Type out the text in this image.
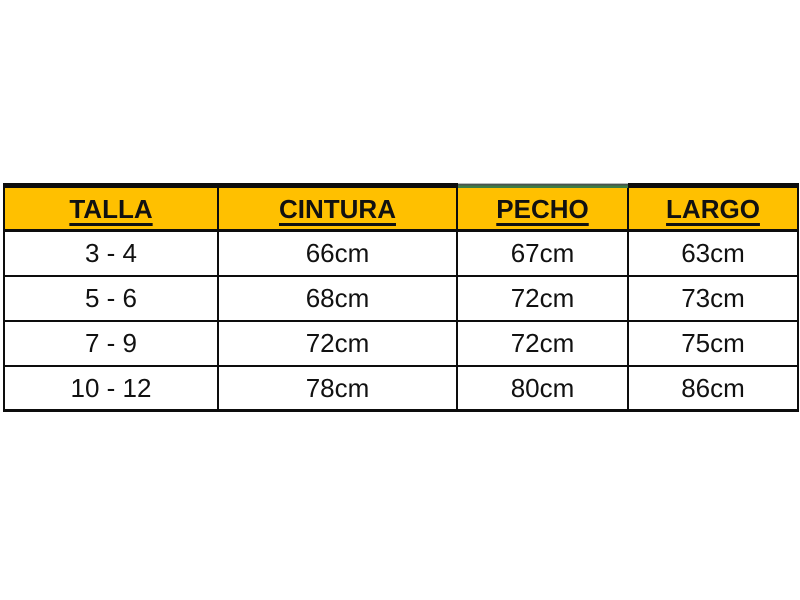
TALLA	CINTURA	PECHO	LARGO
3 - 4	66cm	67cm	63cm
5 - 6	68cm	72cm	73cm
7 - 9	72cm	72cm	75cm
10 - 12	78cm	80cm	86cm
